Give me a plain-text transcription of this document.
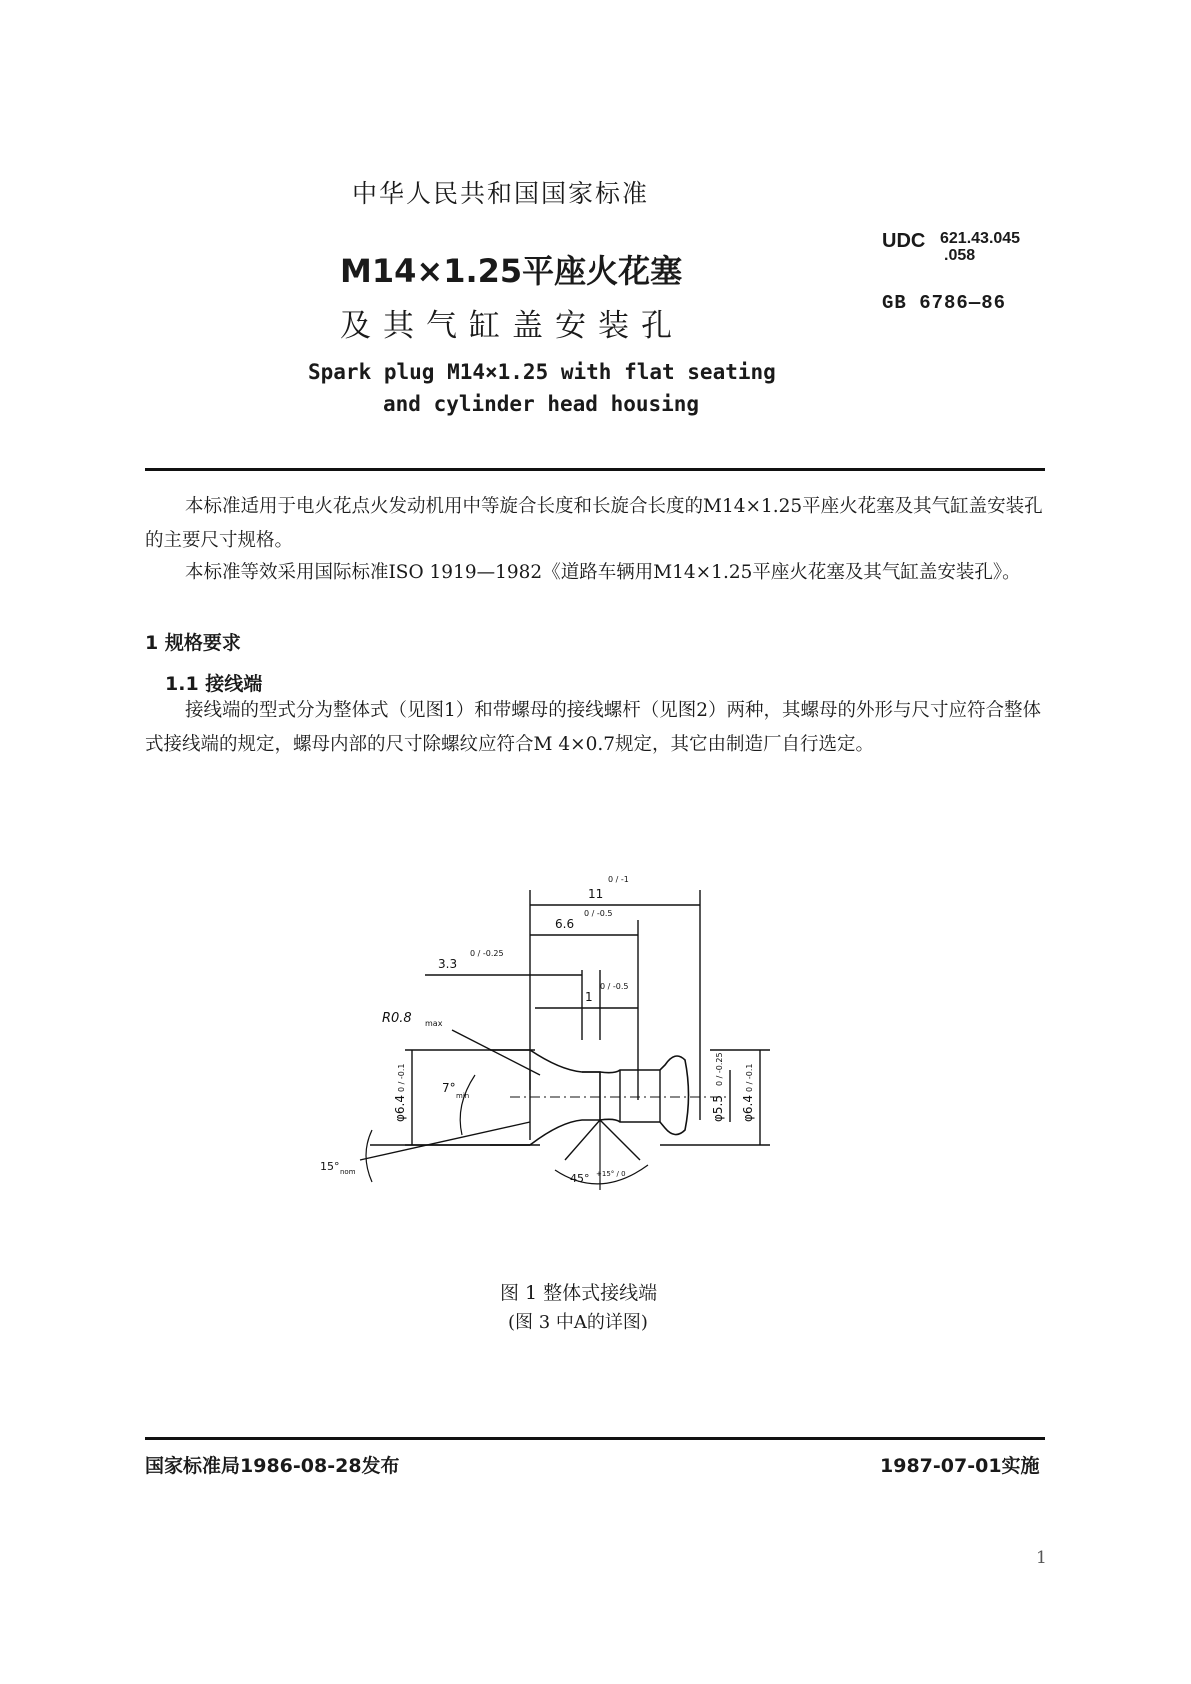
中华人民共和国国家标准
M14×1.25平座火花塞
及其气缸盖安装孔
UDC 621.43.045
.058
GB 6786—86
Spark plug M14×1.25 with flat seating
and cylinder head housing
本标准适用于电火花点火发动机用中等旋合长度和长旋合长度的M14×1.25平座火花塞及其气缸盖安装孔的主要尺寸规格。
本标准等效采用国际标准ISO 1919—1982《道路车辆用M14×1.25平座火花塞及其气缸盖安装孔》。
1 规格要求
1.1 接线端
接线端的型式分为整体式（见图1）和带螺母的接线螺杆（见图2）两种，其螺母的外形与尺寸应符合整体式接线端的规定，螺母内部的尺寸除螺纹应符合M 4×0.7规定，其它由制造厂自行选定。
11
0 / -1
6.6
0 / -0.5
3.3
0 / -0.25
1
0 / -0.5
R0.8 max
φ6.4
0 / -0.1	7°
min	φ5.5
0 / -0.25
φ6.4
0 / -0.1
15° nom	45° +15° / 0
图 1 整体式接线端
(图 3 中A的详图)
国家标准局1986-08-28发布	1987-07-01实施
1
